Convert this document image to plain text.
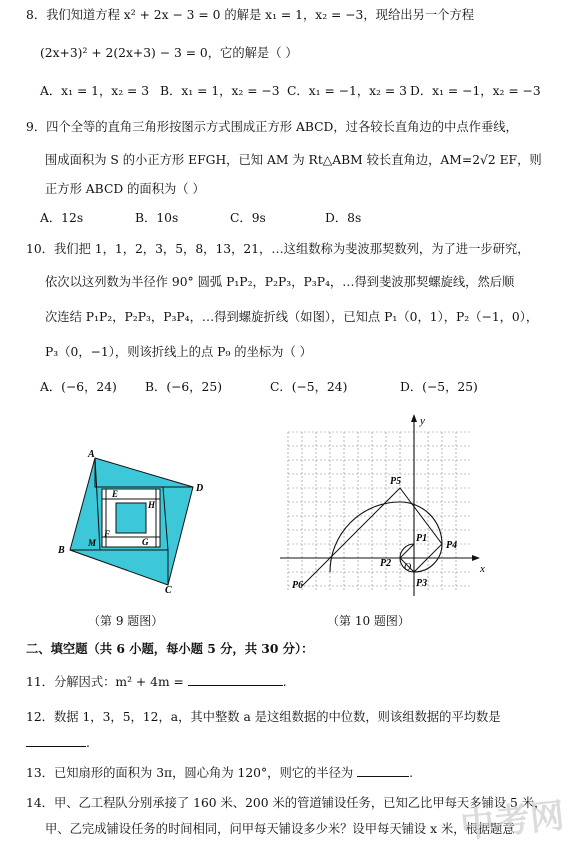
8．我们知道方程 x² + 2x − 3 = 0 的解是 x₁ = 1，x₂ = −3，现给出另一个方程
(2x+3)² + 2(2x+3) − 3 = 0，它的解是（ ）
A．x₁ = 1，x₂ = 3 B．x₁ = 1，x₂ = −3 C．x₁ = −1，x₂ = 3 D．x₁ = −1，x₂ = −3
9．四个全等的直角三角形按图示方式围成正方形 ABCD，过各较长直角边的中点作垂线，
围成面积为 S 的小正方形 EFGH，已知 AM 为 Rt△ABM 较长直角边，AM=2√2 EF，则
正方形 ABCD 的面积为（ ）
A．12s	B．10s	C．9s	D．8s
10．我们把 1，1，2，3，5，8，13，21，…这组数称为斐波那契数列，为了进一步研究，
依次以这列数为半径作 90° 圆弧 P₁P₂，P₂P₃，P₃P₄，…得到斐波那契螺旋线，然后顺
次连结 P₁P₂，P₂P₃，P₃P₄，…得到螺旋折线（如图），已知点 P₁（0，1），P₂（−1，0），
P₃（0，−1），则该折线上的点 P₉ 的坐标为（ ）
A．(−6，24) B．(−6，25)	C．(−5，24)	D．(−5，25)
A
B
C
D
E
F
G
H
M
（第 9 题图）
x
y
O
P1
P2
P3
P4
P5
P6
（第 10 题图）
二、填空题（共 6 小题，每小题 5 分，共 30 分）：
11．分解因式：m² + 4m =	.
12．数据 1，3，5，12，a，其中整数 a 是这组数据的中位数，则该组数据的平均数是
.
13．已知扇形的面积为 3π，圆心角为 120°，则它的半径为	.
14．甲、乙工程队分别承接了 160 米、200 米的管道铺设任务，已知乙比甲每天多铺设 5 米，
甲、乙完成铺设任务的时间相同，问甲每天铺设多少米？设甲每天铺设 x 米，根据题意
中考网
